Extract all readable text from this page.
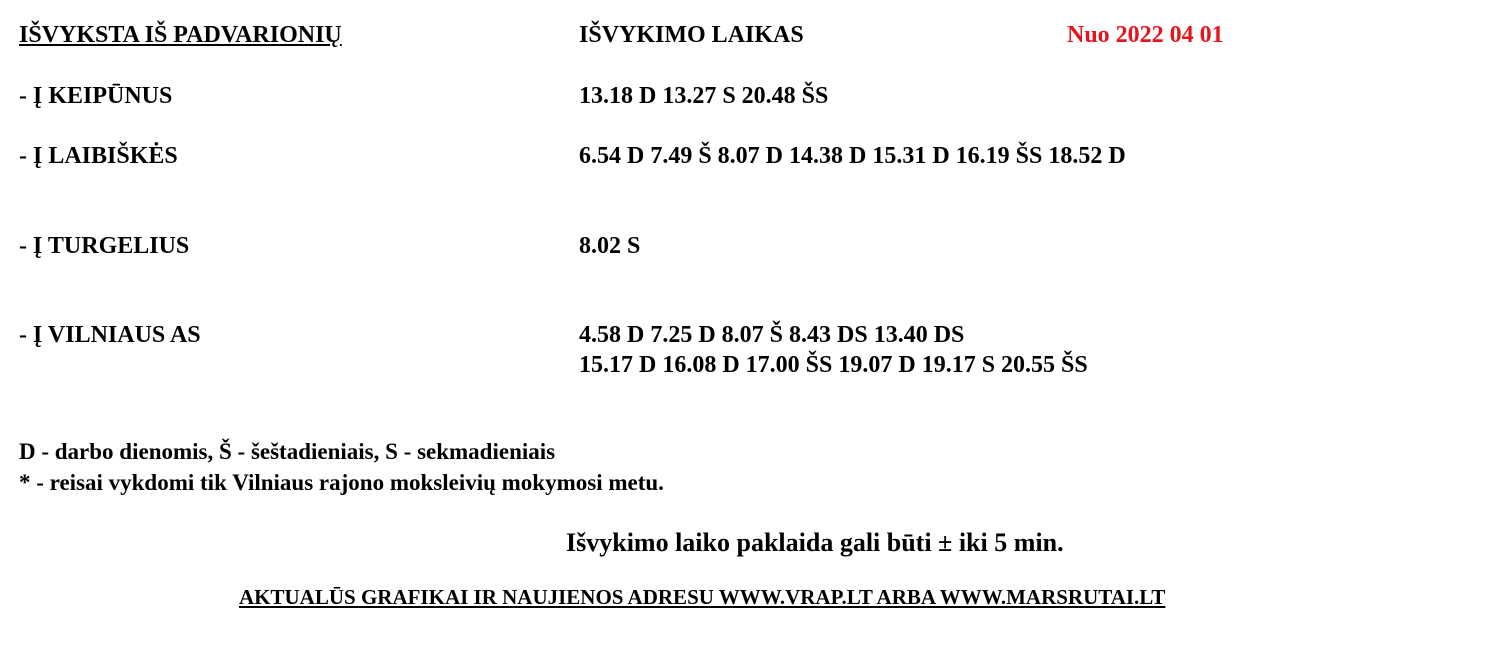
IŠVYKSTA IŠ PADVARIONIŲ	IŠVYKIMO LAIKAS	Nuo 2022 04 01
- Į KEIPŪNUS	13.18 D 13.27 S 20.48 ŠS
- Į LAIBIŠKĖS	6.54 D 7.49 Š 8.07 D 14.38 D 15.31 D 16.19 ŠS 18.52 D
- Į TURGELIUS	8.02 S
- Į VILNIAUS AS	4.58 D 7.25 D 8.07 Š 8.43 DS 13.40 DS
15.17 D 16.08 D 17.00 ŠS 19.07 D 19.17 S 20.55 ŠS
D - darbo dienomis, Š - šeštadieniais, S - sekmadieniais
* - reisai vykdomi tik Vilniaus rajono moksleivių mokymosi metu.
Išvykimo laiko paklaida gali būti ± iki 5 min.
AKTUALŪS GRAFIKAI IR NAUJIENOS ADRESU WWW.VRAP.LT ARBA WWW.MARSRUTAI.LT
